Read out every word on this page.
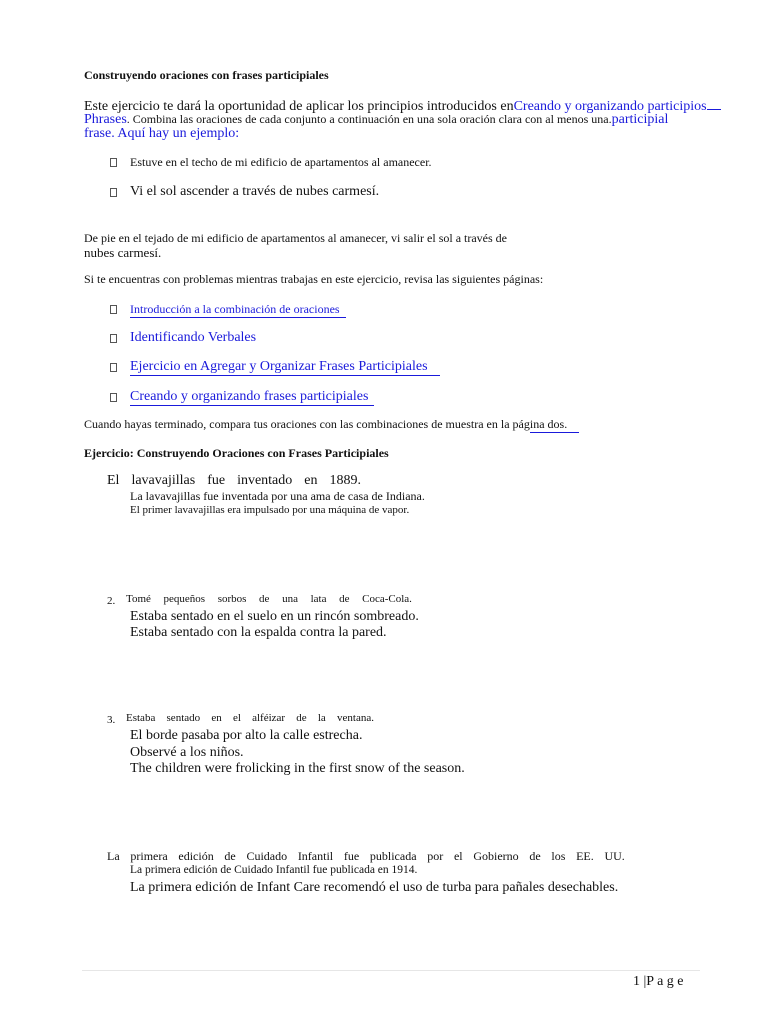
Construyendo oraciones con frases participiales
Este ejercicio te dará la oportunidad de aplicar los principios introducidos enCreando y organizando participios
Phrases. Combina las oraciones de cada conjunto a continuación en una sola oración clara con al menos una.participial
frase. Aquí hay un ejemplo:
Estuve en el techo de mi edificio de apartamentos al amanecer.
Vi el sol ascender a través de nubes carmesí.
De pie en el tejado de mi edificio de apartamentos al amanecer, vi salir el sol a través de
nubes carmesí.
Si te encuentras con problemas mientras trabajas en este ejercicio, revisa las siguientes páginas:
Introducción a la combinación de oraciones
Identificando Verbales
Ejercicio en Agregar y Organizar Frases Participiales
Creando y organizando frases participiales
Cuando hayas terminado, compara tus oraciones con las combinaciones de muestra en la página dos.
Ejercicio: Construyendo Oraciones con Frases Participiales
El lavavajillas fue inventado en 1889.
La lavavajillas fue inventada por una ama de casa de Indiana.
El primer lavavajillas era impulsado por una máquina de vapor.
2. Tomé pequeños sorbos de una lata de Coca-Cola.
Estaba sentado en el suelo en un rincón sombreado.
Estaba sentado con la espalda contra la pared.
3. Estaba sentado en el alféizar de la ventana.
El borde pasaba por alto la calle estrecha.
Observé a los niños.
The children were frolicking in the first snow of the season.
La primera edición de Cuidado Infantil fue publicada por el Gobierno de los EE. UU.
La primera edición de Cuidado Infantil fue publicada en 1914.
La primera edición de Infant Care recomendó el uso de turba para pañales desechables.
1 |P a g e
